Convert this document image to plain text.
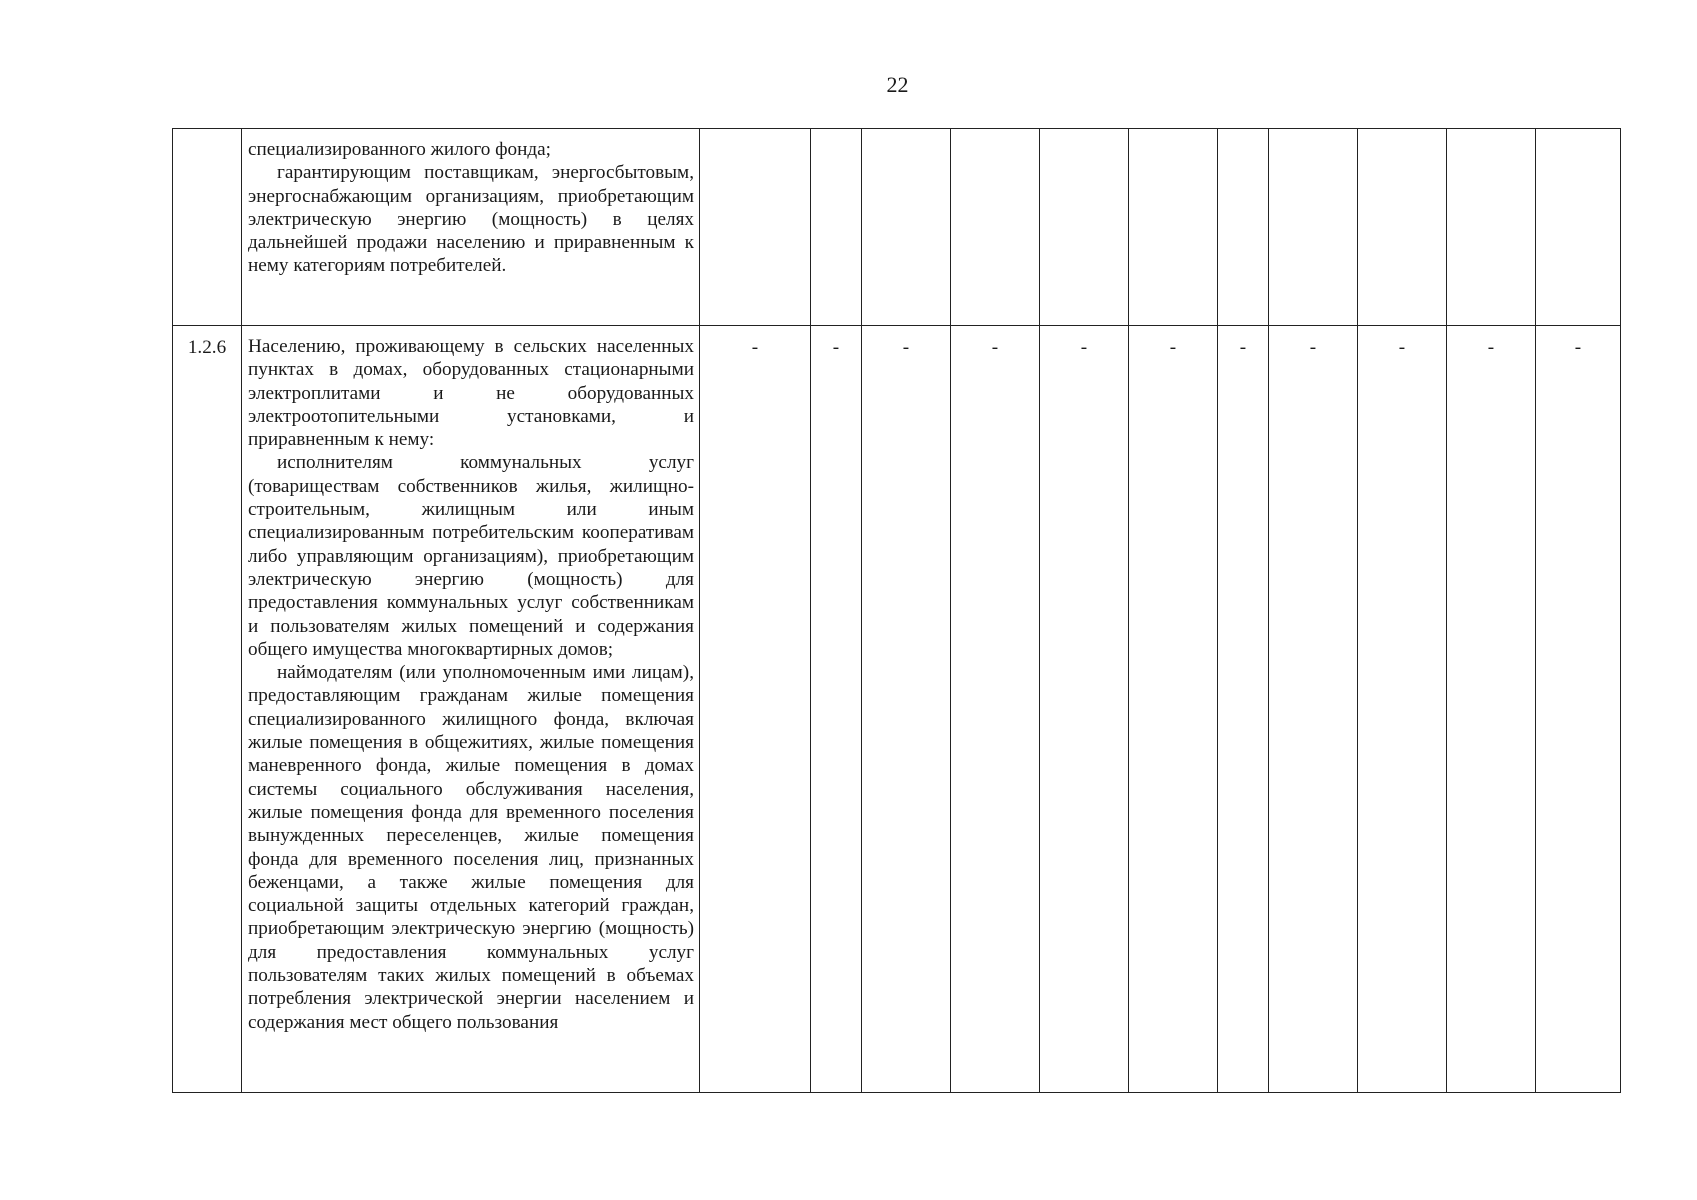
22

	специализированного жилого фонда;

гарантирующим поставщикам, энергосбытовым, энергоснабжающим организациям, приобретающим электрическую энергию (мощность) в целях дальнейшей продажи населению и приравненным к нему категориям потребителей.											

1.2.6	Населению, проживающему в сельских населенных пунктах в домах, оборудованных стационарными электроплитами и не оборудованных электроотопительными установками, и приравненным к нему:

исполнителям коммунальных услуг (товариществам собственников жилья, жилищно-строительным, жилищным или иным специализированным потребительским кооперативам либо управляющим организациям), приобретающим электрическую энергию (мощность) для предоставления коммунальных услуг собственникам и пользователям жилых помещений и содержания общего имущества многоквартирных домов;

наймодателям (или уполномоченным ими лицам), предоставляющим гражданам жилые помещения специализированного жилищного фонда, включая жилые помещения в общежитиях, жилые помещения маневренного фонда, жилые помещения в домах системы социального обслуживания населения, жилые помещения фонда для временного поселения вынужденных переселенцев, жилые помещения фонда для временного поселения лиц, признанных беженцами, а также жилые помещения для социальной защиты отдельных категорий граждан, приобретающим электрическую энергию (мощность) для предоставления коммунальных услуг пользователям таких жилых помещений в объемах потребления электрической энергии населением и содержания мест общего пользования	-	-	-	-	-	-	-	-	-	-	-
